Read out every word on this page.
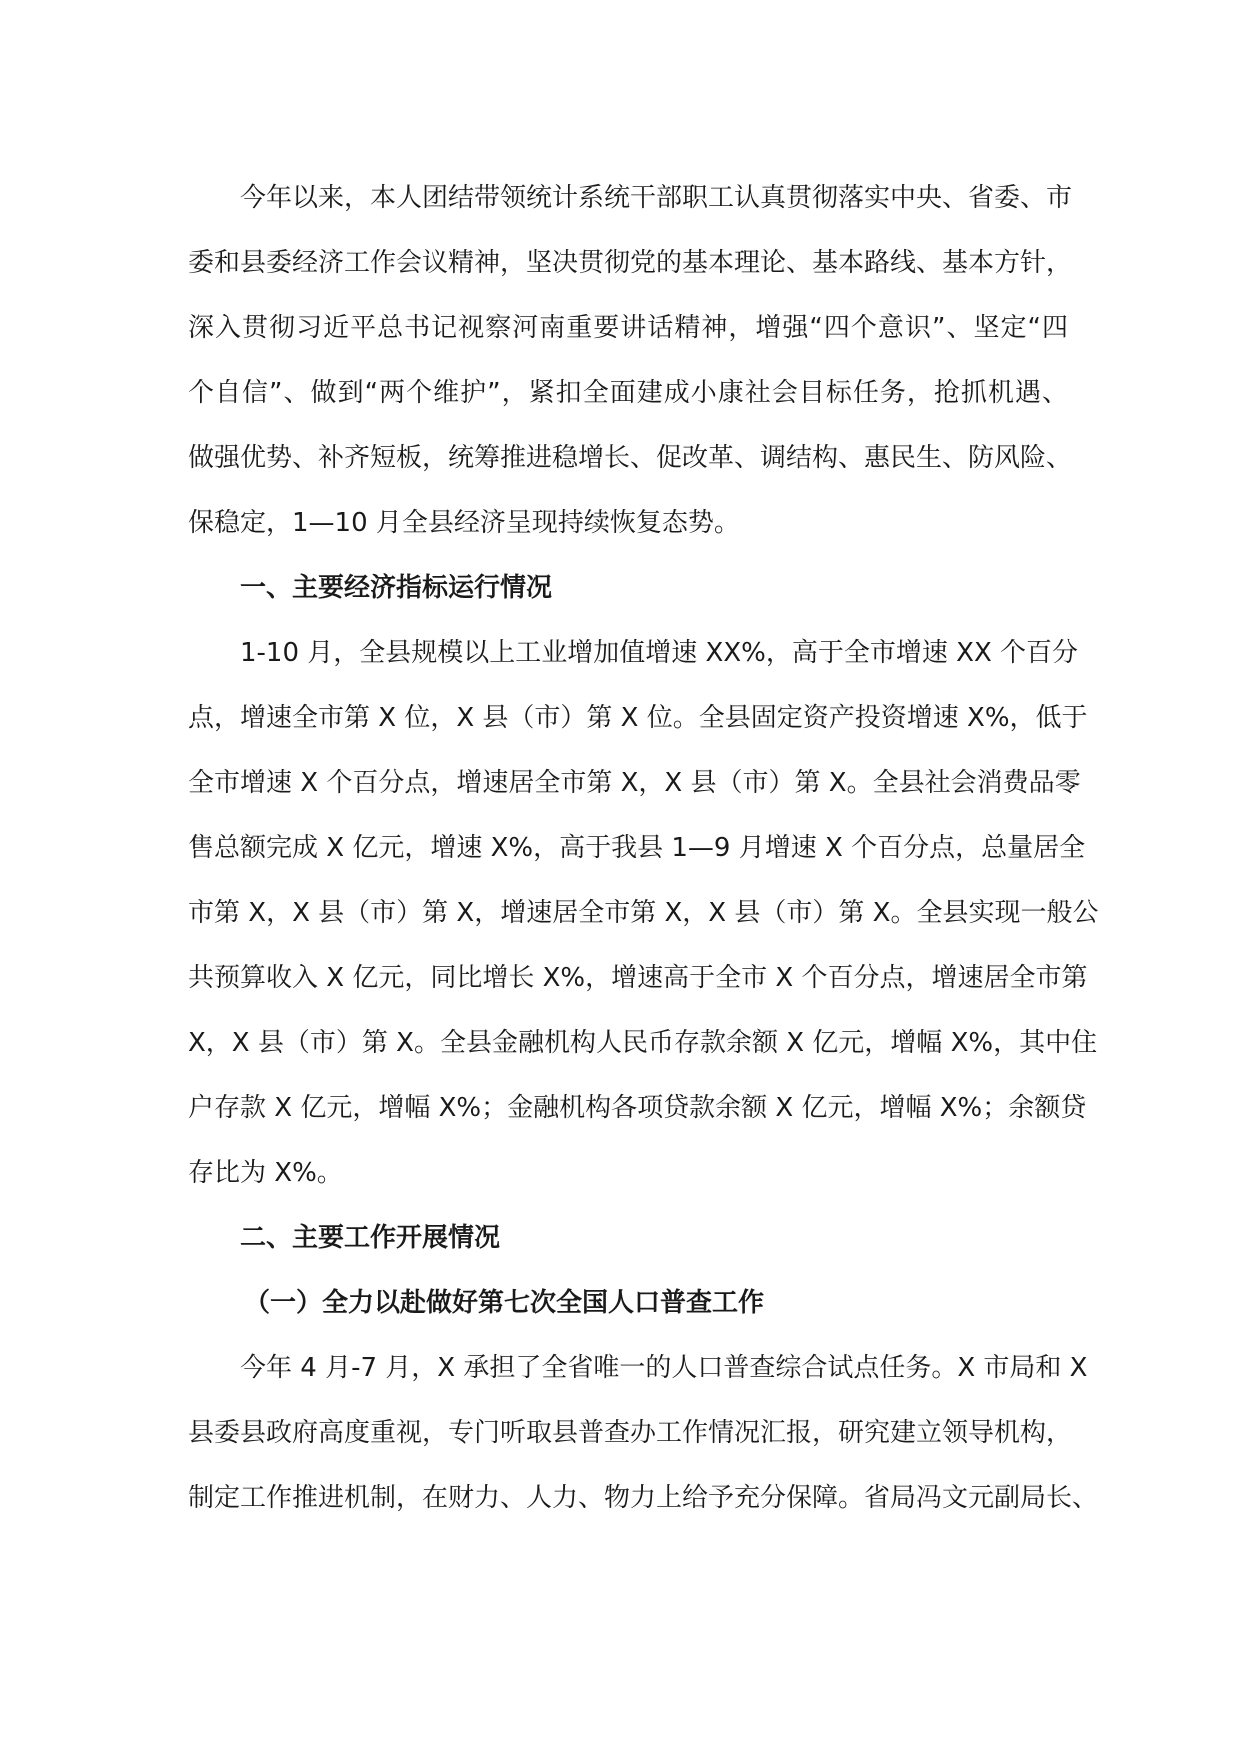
今年以来，本人团结带领统计系统干部职工认真贯彻落实中央、省委、市
委和县委经济工作会议精神，坚决贯彻党的基本理论、基本路线、基本方针，
深入贯彻习近平总书记视察河南重要讲话精神，增强“四个意识”、坚定“四
个自信”、做到“两个维护”，紧扣全面建成小康社会目标任务，抢抓机遇、
做强优势、补齐短板，统筹推进稳增长、促改革、调结构、惠民生、防风险、
保稳定，1—10 月全县经济呈现持续恢复态势。

一、主要经济指标运行情况

1-10 月，全县规模以上工业增加值增速 XX%，高于全市增速 XX 个百分
点，增速全市第 X 位，X 县（市）第 X 位。全县固定资产投资增速 X%，低于
全市增速 X 个百分点，增速居全市第 X，X 县（市）第 X。全县社会消费品零
售总额完成 X 亿元，增速 X%，高于我县 1—9 月增速 X 个百分点，总量居全
市第 X，X 县（市）第 X，增速居全市第 X，X 县（市）第 X。全县实现一般公
共预算收入 X 亿元，同比增长 X%，增速高于全市 X 个百分点，增速居全市第
X，X 县（市）第 X。全县金融机构人民币存款余额 X 亿元，增幅 X%，其中住
户存款 X 亿元，增幅 X%；金融机构各项贷款余额 X 亿元，增幅 X%；余额贷
存比为 X%。

二、主要工作开展情况

（一）全力以赴做好第七次全国人口普查工作

今年 4 月-7 月，X 承担了全省唯一的人口普查综合试点任务。X 市局和 X
县委县政府高度重视，专门听取县普查办工作情况汇报，研究建立领导机构，
制定工作推进机制，在财力、人力、物力上给予充分保障。省局冯文元副局长、
